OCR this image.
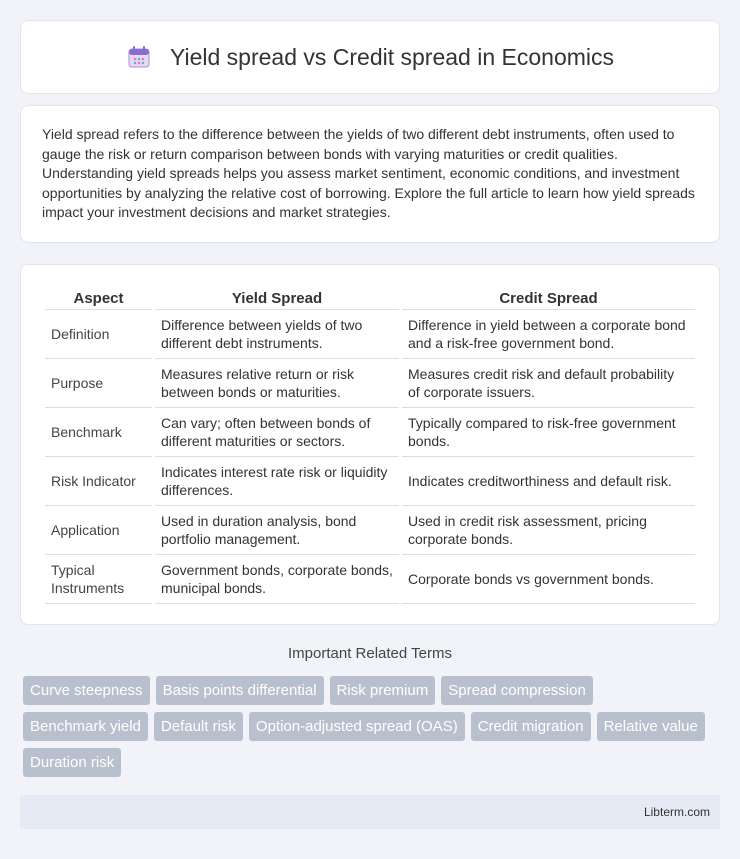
Yield spread vs Credit spread in Economics

Yield spread refers to the difference between the yields of two different debt instruments, often used to gauge the risk or return comparison between bonds with varying maturities or credit qualities. Understanding yield spreads helps you assess market sentiment, economic conditions, and investment opportunities by analyzing the relative cost of borrowing. Explore the full article to learn how yield spreads impact your investment decisions and market strategies.

Aspect	Yield Spread	Credit Spread
Definition	Difference between yields of two different debt instruments.	Difference in yield between a corporate bond and a risk-free government bond.
Purpose	Measures relative return or risk between bonds or maturities.	Measures credit risk and default probability of corporate issuers.
Benchmark	Can vary; often between bonds of different maturities or sectors.	Typically compared to risk-free government bonds.
Risk Indicator	Indicates interest rate risk or liquidity differences.	Indicates creditworthiness and default risk.
Application	Used in duration analysis, bond portfolio management.	Used in credit risk assessment, pricing corporate bonds.
Typical Instruments	Government bonds, corporate bonds, municipal bonds.	Corporate bonds vs government bonds.
Important Related Terms
Curve steepness	Basis points differential	Risk premium	Spread compression
Benchmark yield	Default risk	Option-adjusted spread (OAS)	Credit migration	Relative value
Duration risk
Libterm.com
